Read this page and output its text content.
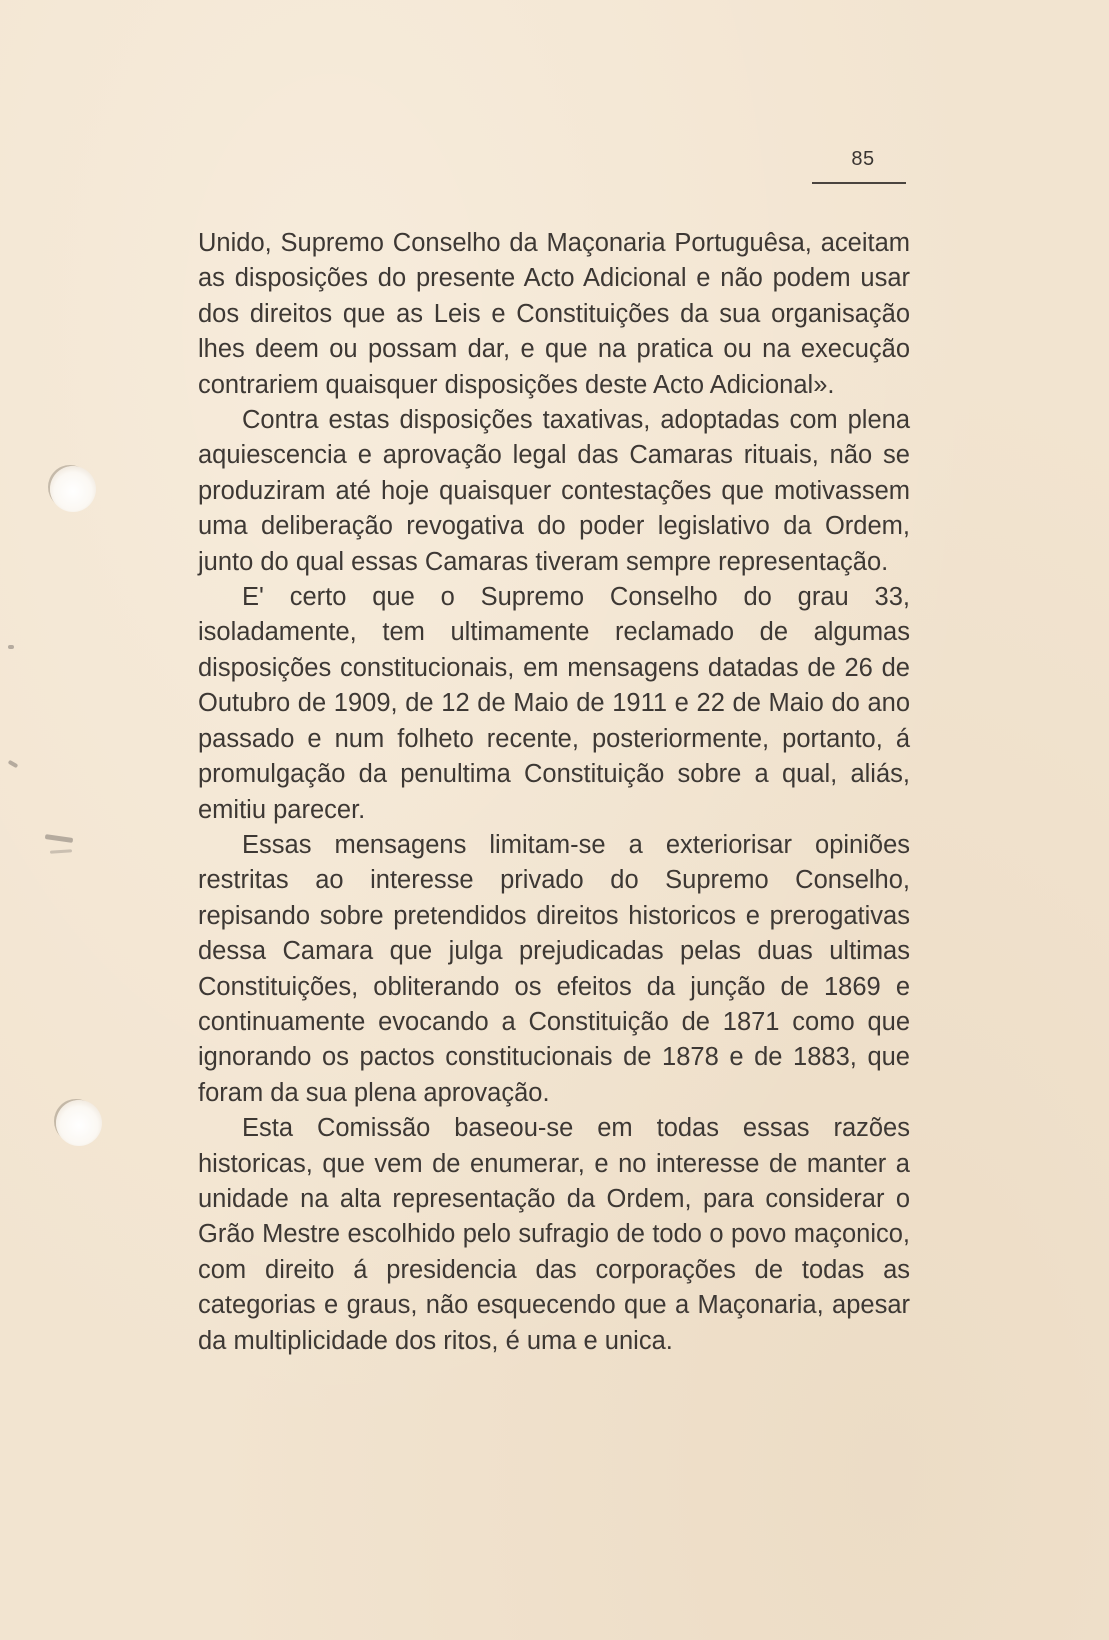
85

Unido, Supremo Conselho da Maçonaria Portuguêsa, aceitam as disposições do presente Acto Adicional e não podem usar dos direitos que as Leis e Constituições da sua organisação lhes deem ou possam dar, e que na pratica ou na execução contrariem quaisquer disposições deste Acto Adicional».

Contra estas disposições taxativas, adoptadas com plena aquiescencia e aprovação legal das Camaras rituais, não se produziram até hoje quaisquer contestações que motivassem uma deliberação revogativa do poder legislativo da Ordem, junto do qual essas Camaras tiveram sempre representação.

E' certo que o Supremo Conselho do grau 33, isoladamente, tem ultimamente reclamado de algumas disposições constitucionais, em mensagens datadas de 26 de Outubro de 1909, de 12 de Maio de 1911 e 22 de Maio do ano passado e num folheto recente, posteriormente, portanto, á promulgação da penultima Constituição sobre a qual, aliás, emitiu parecer.

Essas mensagens limitam-se a exteriorisar opiniões restritas ao interesse privado do Supremo Conselho, repisando sobre pretendidos direitos historicos e prerogativas dessa Camara que julga prejudicadas pelas duas ultimas Constituições, obliterando os efeitos da junção de 1869 e continuamente evocando a Constituição de 1871 como que ignorando os pactos constitucionais de 1878 e de 1883, que foram da sua plena aprovação.

Esta Comissão baseou-se em todas essas razões historicas, que vem de enumerar, e no interesse de manter a unidade na alta representação da Ordem, para considerar o Grão Mestre escolhido pelo sufragio de todo o povo maçonico, com direito á presidencia das corporações de todas as categorias e graus, não esquecendo que a Maçonaria, apesar da multiplicidade dos ritos, é uma e unica.
